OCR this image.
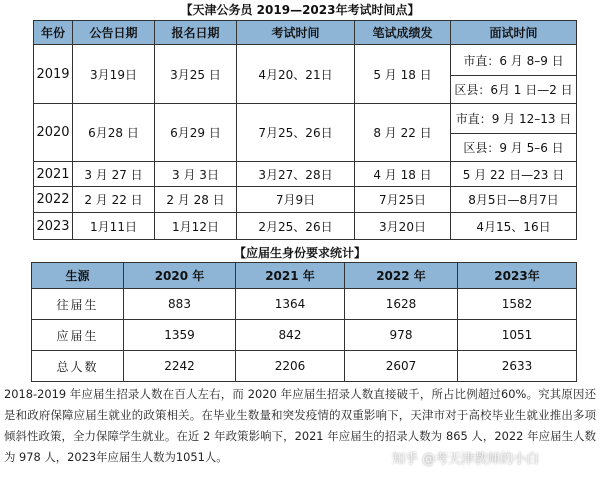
【天津公务员 2019—2023年考试时间点】
年份	公告日期	报名日期	考试时间	笔试成绩发	面试时间
2019	3月19日	3月25 日	4月20、21日	5 月 18 日	市直：6 月 8–9 日
					区县：6月 1 日—2 日
2020	6月28 日	6月29 日	7月25、26日	8 月 22 日	市直：9 月 12–13 日
					区县：9 月 5–6 日
2021	3 月 27 日	3 月 3日	3月27、28日	4 月 18 日	5 月 22 日—23 日
2022	2 月 22 日	2 月 28 日	7月9日	7月25日	8月5日—8月7日
2023	1月11日	1月12日	2月25、26日	3月20日	4月15、16日
【应届生身份要求统计】
生源	2020 年	2021 年	2022 年	2023年
往届生	883	1364	1628	1582
应届生	1359	842	978	1051
总人数	2242	2206	2607	2633
2018-2019 年应届生招录人数在百人左右，而 2020 年应届生招录人数直接破千，所占比例超过60%。究其原因还是和政府保障应届生就业的政策相关。在毕业生数量和突发疫情的双重影响下，天津市对于高校毕业生就业推出多项倾斜性政策，全力保障学生就业。在近 2 年政策影响下，2021 年应届生的招录人数为 865 人，2022 年应届生人数为 978 人，2023年应届生人数为1051人。	知乎 @考天津教师的小白
